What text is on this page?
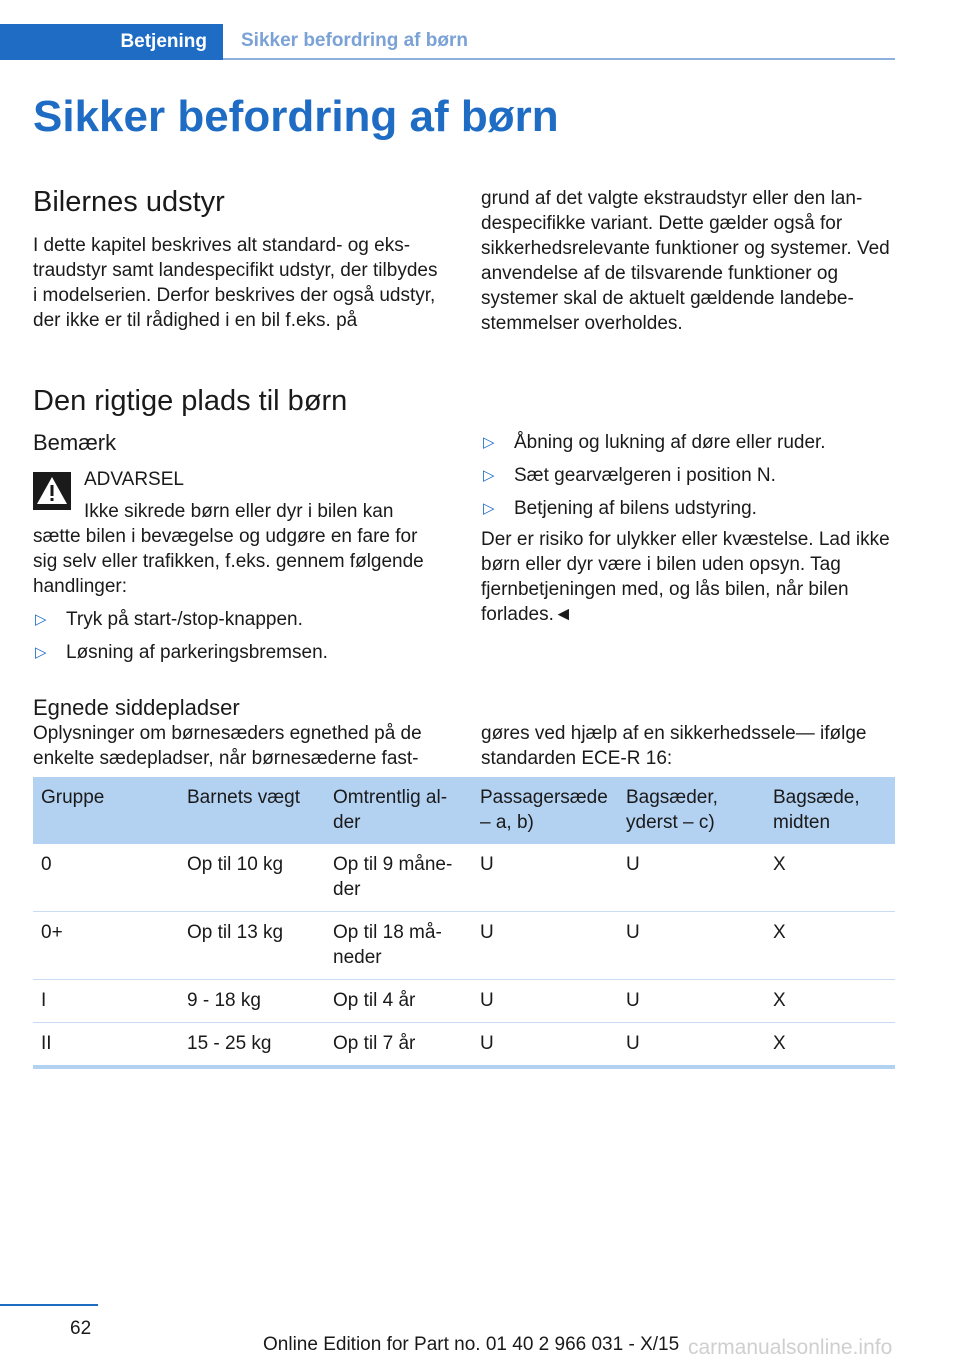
Betjening Sikker befordring af børn
Sikker befordring af børn
Bilernes udstyr

I dette kapitel beskrives alt standard- og ekstraudstyr samt landespecifikt udstyr, der tilbydes i modelserien. Derfor beskrives der også udstyr, der ikke er til rådighed i en bil f.eks. på

grund af det valgte ekstraudstyr eller den landespecifikke variant. Dette gælder også for sikkerhedsrelevante funktioner og systemer. Ved anvendelse af de tilsvarende funktioner og systemer skal de aktuelt gældende landebestemmelser overholdes.

Den rigtige plads til børn
Bemærk
ADVARSEL
Ikke sikrede børn eller dyr i bilen kan sætte bilen i bevægelse og udgøre en fare for sig selv eller trafikken, f.eks. gennem følgende handlinger:
▷	Tryk på start-/stop-knappen.
▷	Løsning af parkeringsbremsen.
▷	Åbning og lukning af døre eller ruder.
▷	Sæt gearvælgeren i position N.
▷	Betjening af bilens udstyring.

Der er risiko for ulykker eller kvæstelse. Lad ikke børn eller dyr være i bilen uden opsyn. Tag fjernbetjeningen med, og lås bilen, når bilen forlades.◄

Egnede siddepladser

Oplysninger om børnesæders egnethed på de enkelte sædepladser, når børnesæderne fast-

gøres ved hjælp af en sikkerhedssele— ifølge standarden ECE-R 16:

Gruppe	Barnets vægt	Omtrentlig alder	Passagersæde – a, b)	Bagsæder, yderst – c)	Bagsæde, midten
0	Op til 10 kg	Op til 9 måneder	U	U	X
0+	Op til 13 kg	Op til 18 måneder	U	U	X
I	9 - 18 kg	Op til 4 år	U	U	X
II	15 - 25 kg	Op til 7 år	U	U	X
62
Online Edition for Part no. 01 40 2 966 031 - X/15 carmanualsonline.info
